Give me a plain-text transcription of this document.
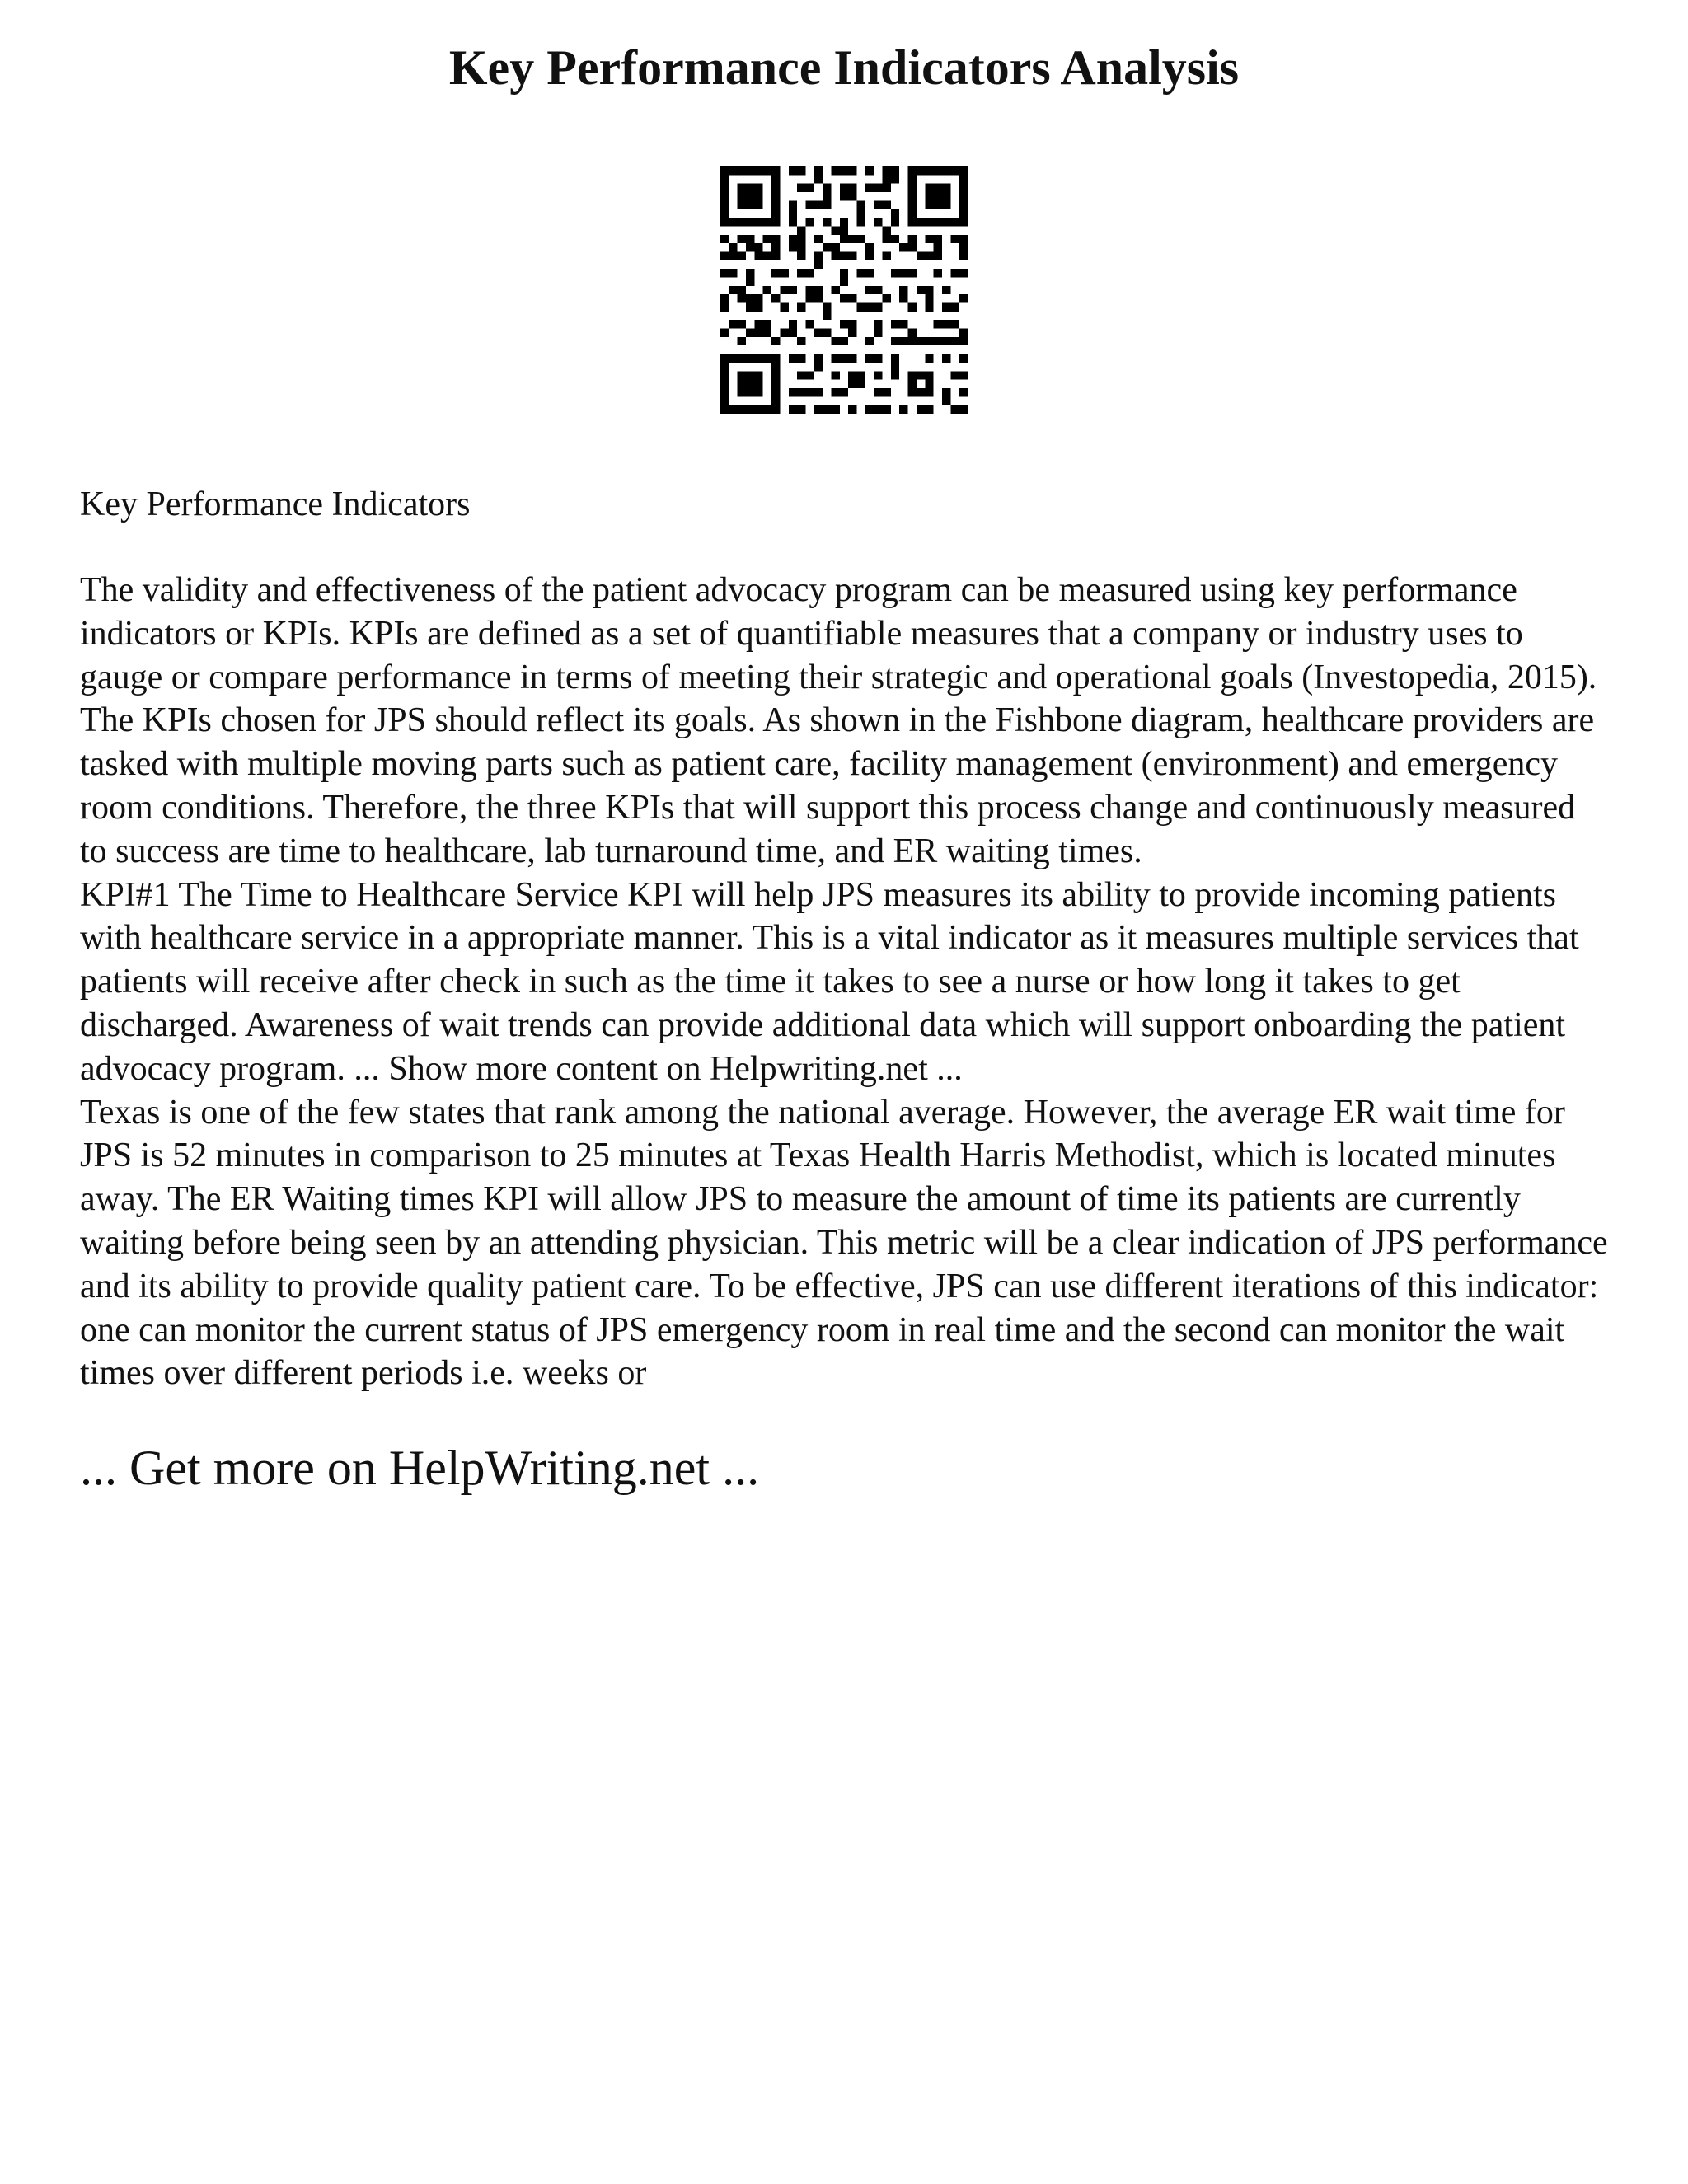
Key Performance Indicators Analysis
Key Performance Indicators

The validity and effectiveness of the patient advocacy program can be measured using key performance indicators or KPIs. KPIs are defined as a set of quantifiable measures that a company or industry uses to gauge or compare performance in terms of meeting their strategic and operational goals (Investopedia, 2015). The KPIs chosen for JPS should reflect its goals. As shown in the Fishbone diagram, healthcare providers are tasked with multiple moving parts such as patient care, facility management (environment) and emergency room conditions. Therefore, the three KPIs that will support this process change and continuously measured to success are time to healthcare, lab turnaround time, and ER waiting times.

KPI#1 The Time to Healthcare Service KPI will help JPS measures its ability to provide incoming patients with healthcare service in a appropriate manner. This is a vital indicator as it measures multiple services that patients will receive after check in such as the time it takes to see a nurse or how long it takes to get discharged. Awareness of wait trends can provide additional data which will support onboarding the patient advocacy program. ... Show more content on Helpwriting.net ...

Texas is one of the few states that rank among the national average. However, the average ER wait time for JPS is 52 minutes in comparison to 25 minutes at Texas Health Harris Methodist, which is located minutes away. The ER Waiting times KPI will allow JPS to measure the amount of time its patients are currently waiting before being seen by an attending physician. This metric will be a clear indication of JPS performance and its ability to provide quality patient care. To be effective, JPS can use different iterations of this indicator: one can monitor the current status of JPS emergency room in real time and the second can monitor the wait times over different periods i.e. weeks or

... Get more on HelpWriting.net ...
